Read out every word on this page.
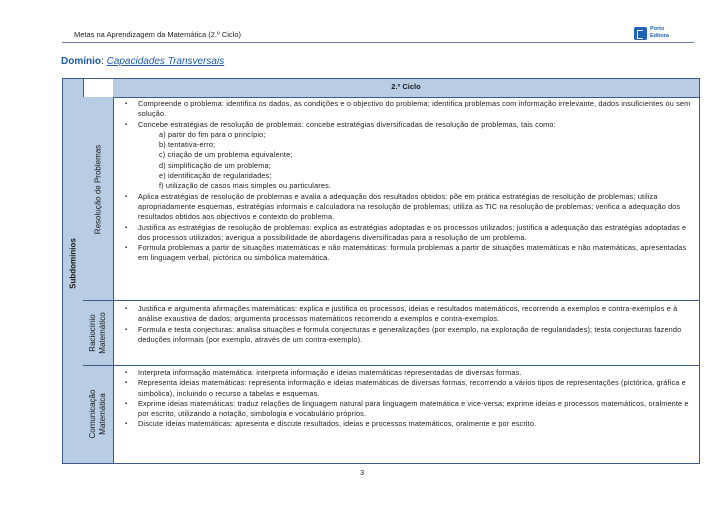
Metas na Aprendizagem da Matemática (2.º Ciclo)
Porto
Editora
Domínio: Capacidades Transversais
2.º Ciclo
Subdomínios
Resolução de Problemas
▪ Compreende o problema: identifica os dados, as condições e o objectivo do problema; identifica problemas com informação irrelevante, dados insuficientes ou sem solução.
▪ Concebe estratégias de resolução de problemas: concebe estratégias diversificadas de resolução de problemas, tais como:
a) partir do fim para o princípio;
b) tentativa-erro;
c) criação de um problema equivalente;
d) simplificação de um problema;
e) identificação de regularidades;
f) utilização de casos mais simples ou particulares.
▪ Aplica estratégias de resolução de problemas e avalia a adequação dos resultados obtidos: põe em prática estratégias de resolução de problemas; utiliza apropriadamente esquemas, estratégias informais e calculadora na resolução de problemas; utiliza as TIC na resolução de problemas; verifica a adequação dos resultados obtidos aos objectivos e contexto do problema.
▪ Justifica as estratégias de resolução de problemas: explica as estratégias adoptadas e os processos utilizados; justifica a adequação das estratégias adoptadas e dos processos utilizados; averigua a possibilidade de abordagens diversificadas para a resolução de um problema.
▪ Formula problemas a partir de situações matemáticas e não matemáticas: formula problemas a partir de situações matemáticas e não matemáticas, apresentadas em linguagem verbal, pictórica ou simbólica matemática.
Raciocínio Matemático
▪ Justifica e argumenta afirmações matemáticas: explica e justifica os processos, ideias e resultados matemáticos, recorrendo a exemplos e contra-exemplos e à análise exaustiva de dados; argumenta processos matemáticos recorrendo a exemplos e contra-exemplos.
▪ Formula e testa conjecturas: analisa situações e formula conjecturas e generalizações (por exemplo, na exploração de regularidades); testa conjecturas fazendo deduções informais (por exemplo, através de um contra-exemplo).
Comunicação Matemática
▪ Interpreta informação matemática: interpreta informação e ideias matemáticas representadas de diversas formas.
▪ Representa ideias matemáticas: representa informação e ideias matemáticas de diversas formas, recorrendo a vários tipos de representações (pictórica, gráfica e simbólica), incluindo o recurso a tabelas e esquemas.
▪ Exprime ideias matemáticas: traduz relações de linguagem natural para linguagem matemática e vice-versa; exprime ideias e processos matemáticos, oralmente e por escrito, utilizando a notação, simbologia e vocabulário próprios.
▪ Discute ideias matemáticas: apresenta e discute resultados, ideias e processos matemáticos, oralmente e por escrito.
3
